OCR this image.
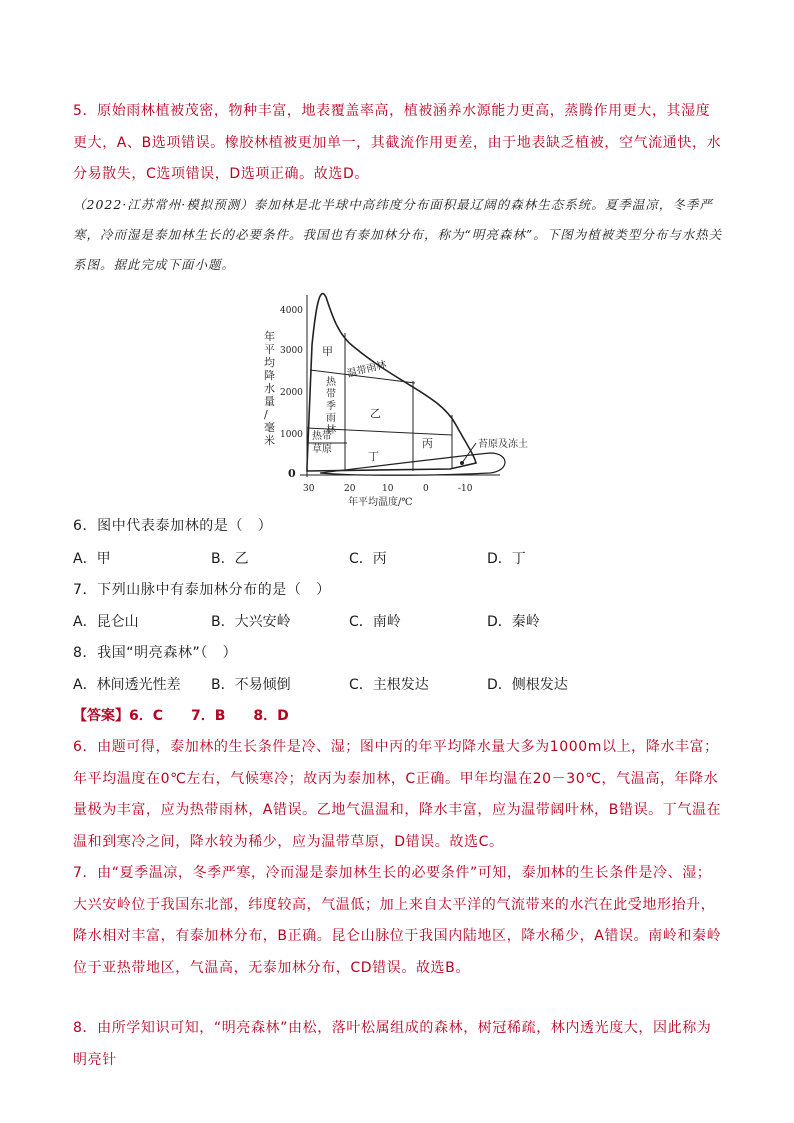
5．原始雨林植被茂密，物种丰富，地表覆盖率高，植被涵养水源能力更高，蒸腾作用更大，其湿度更大，A、B选项错误。橡胶林植被更加单一，其截流作用更差，由于地表缺乏植被，空气流通快，水分易散失，C选项错误，D选项正确。故选D。
（2022·江苏常州·模拟预测）泰加林是北半球中高纬度分布面积最辽阔的森林生态系统。夏季温凉，冬季严寒，冷而湿是泰加林生长的必要条件。我国也有泰加林分布，称为“明亮森林”。下图为植被类型分布与水热关系图。据此完成下面小题。
年平均降水量/毫米
4000
3000
2000
1000
0
甲
温带雨林
乙
丙
丁
热带季雨林
热带草原	苔原及冻土
30	20	10	0	-10
年平均温度/℃
6．图中代表泰加林的是（　）
A．甲	B．乙	C．丙	D．丁
7．下列山脉中有泰加林分布的是（　）
A．昆仑山	B．大兴安岭	C．南岭	D．秦岭
8．我国“明亮森林”（　）
A．林间透光性差 B．不易倾倒	C．主根发达	D．侧根发达
【答案】6．C　　7．B　　8．D
6．由题可得，泰加林的生长条件是冷、湿；图中丙的年平均降水量大多为1000m以上，降水丰富；年平均温度在0℃左右，气候寒冷；故丙为泰加林，C正确。甲年均温在20－30℃，气温高，年降水量极为丰富，应为热带雨林，A错误。乙地气温温和，降水丰富，应为温带阔叶林，B错误。丁气温在温和到寒冷之间，降水较为稀少，应为温带草原，D错误。故选C。
7．由“夏季温凉，冬季严寒，冷而湿是泰加林生长的必要条件”可知，泰加林的生长条件是冷、湿；大兴安岭位于我国东北部，纬度较高，气温低；加上来自太平洋的气流带来的水汽在此受地形抬升，降水相对丰富，有泰加林分布，B正确。昆仑山脉位于我国内陆地区，降水稀少，A错误。南岭和秦岭位于亚热带地区，气温高，无泰加林分布，CD错误。故选B。
8．由所学知识可知，“明亮森林”由松，落叶松属组成的森林，树冠稀疏，林内透光度大，因此称为明亮针
